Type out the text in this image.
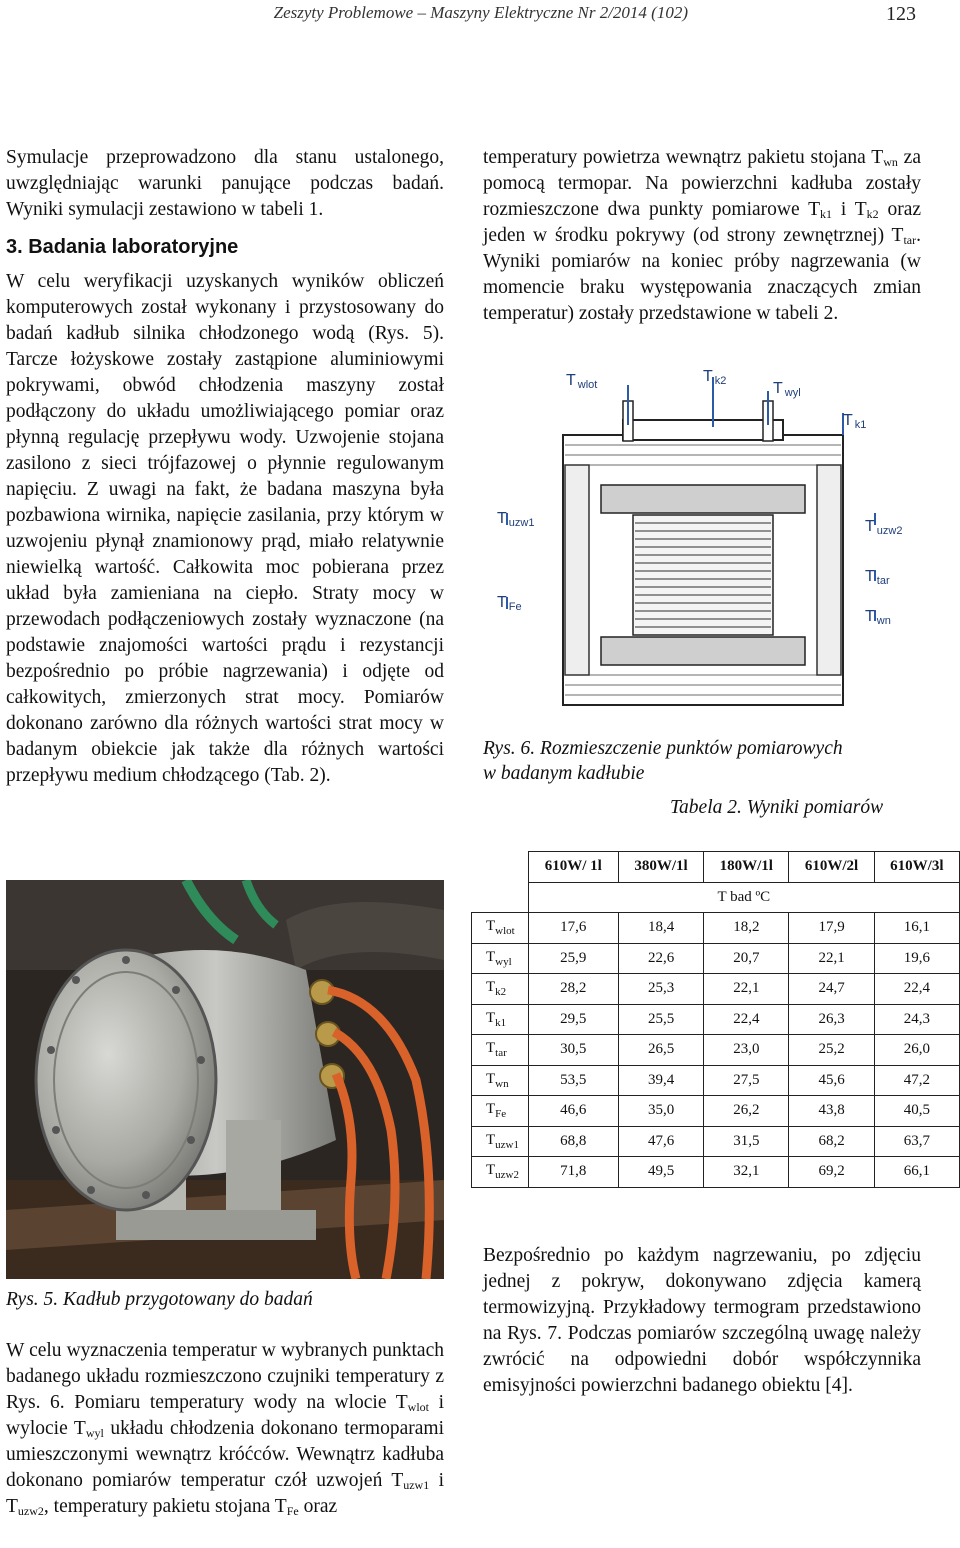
Zeszyty Problemowe – Maszyny Elektryczne Nr 2/2014 (102)	123

Symulacje przeprowadzono dla stanu ustalonego, uwzględniając warunki panujące podczas badań. Wyniki symulacji zestawiono w tabeli 1.

3. Badania laboratoryjne

W celu weryfikacji uzyskanych wyników obliczeń komputerowych został wykonany i przystosowany do badań kadłub silnika chłodzonego wodą (Rys. 5). Tarcze łożyskowe zostały zastąpione aluminiowymi pokrywami, obwód chłodzenia maszyny został podłączony do układu umożliwiającego pomiar oraz płynną regulację przepływu wody. Uzwojenie stojana zasilono z sieci trójfazowej o płynnie regulowanym napięciu. Z uwagi na fakt, że badana maszyna była pozbawiona wirnika, napięcie zasilania, przy którym w uzwojeniu płynął znamionowy prąd, miało relatywnie niewielką wartość. Całkowita moc pobierana przez układ była zamieniana na ciepło. Straty mocy w przewodach podłączeniowych zostały wyznaczone (na podstawie znajomości wartości prądu i rezystancji bezpośrednio po próbie nagrzewania) i odjęte od całkowitych, zmierzonych strat mocy. Pomiarów dokonano zarówno dla różnych wartości strat mocy w badanym obiekcie jak także dla różnych wartości przepływu medium chłodzącego (Tab. 2).

Rys. 5. Kadłub przygotowany do badań

W celu wyznaczenia temperatur w wybranych punktach badanego układu rozmieszczono czujniki temperatury z Rys. 6. Pomiaru temperatury wody na wlocie $T_{wlot}$ i wylocie $T_{wyl}$ układu chłodzenia dokonano termoparami umieszczonymi wewnątrz króćców. Wewnątrz kadłuba dokonano pomiarów temperatur czół uzwojeń $T_{uzw1}$ i $T_{uzw2}$, temperatury pakietu stojana $T_{Fe}$ oraz

temperatury powietrza wewnątrz pakietu stojana $T_{wn}$ za pomocą termopar. Na powierzchni kadłuba zostały rozmieszczone dwa punkty pomiarowe $T_{k1}$ i $T_{k2}$ oraz jeden w środku pokrywy (od strony zewnętrznej) $T_{tar}$. Wyniki pomiarów na koniec próby nagrzewania (w momencie braku występowania znaczących zmian temperatur) zostały przedstawione w tabeli 2.

T wlot	T k2	T wyl
T k1
T uzw1	T uzw2
T tar
T Fe
T wn

Rys. 6. Rozmieszczenie punktów pomiarowych

w badanym kadłubie

Tabela 2. Wyniki pomiarów

	610W/ 1l	380W/1l	180W/1l	610W/2l	610W/3l
	T bad ºC				
$T_{wlot}$	17,6	18,4	18,2	17,9	16,1
$T_{wyl}$	25,9	22,6	20,7	22,1	19,6
$T_{k2}$	28,2	25,3	22,1	24,7	22,4
$T_{k1}$	29,5	25,5	22,4	26,3	24,3
$T_{tar}$	30,5	26,5	23,0	25,2	26,0
$T_{wn}$	53,5	39,4	27,5	45,6	47,2
$T_{Fe}$	46,6	35,0	26,2	43,8	40,5
$T_{uzw1}$	68,8	47,6	31,5	68,2	63,7
$T_{uzw2}$	71,8	49,5	32,1	69,2	66,1

Bezpośrednio po każdym nagrzewaniu, po zdjęciu jednej z pokryw, dokonywano zdjęcia kamerą termowizyjną. Przykładowy termogram przedstawiono na Rys. 7. Podczas pomiarów szczególną uwagę należy zwrócić na odpowiedni dobór współczynnika emisyjności powierzchni badanego obiektu [4].
